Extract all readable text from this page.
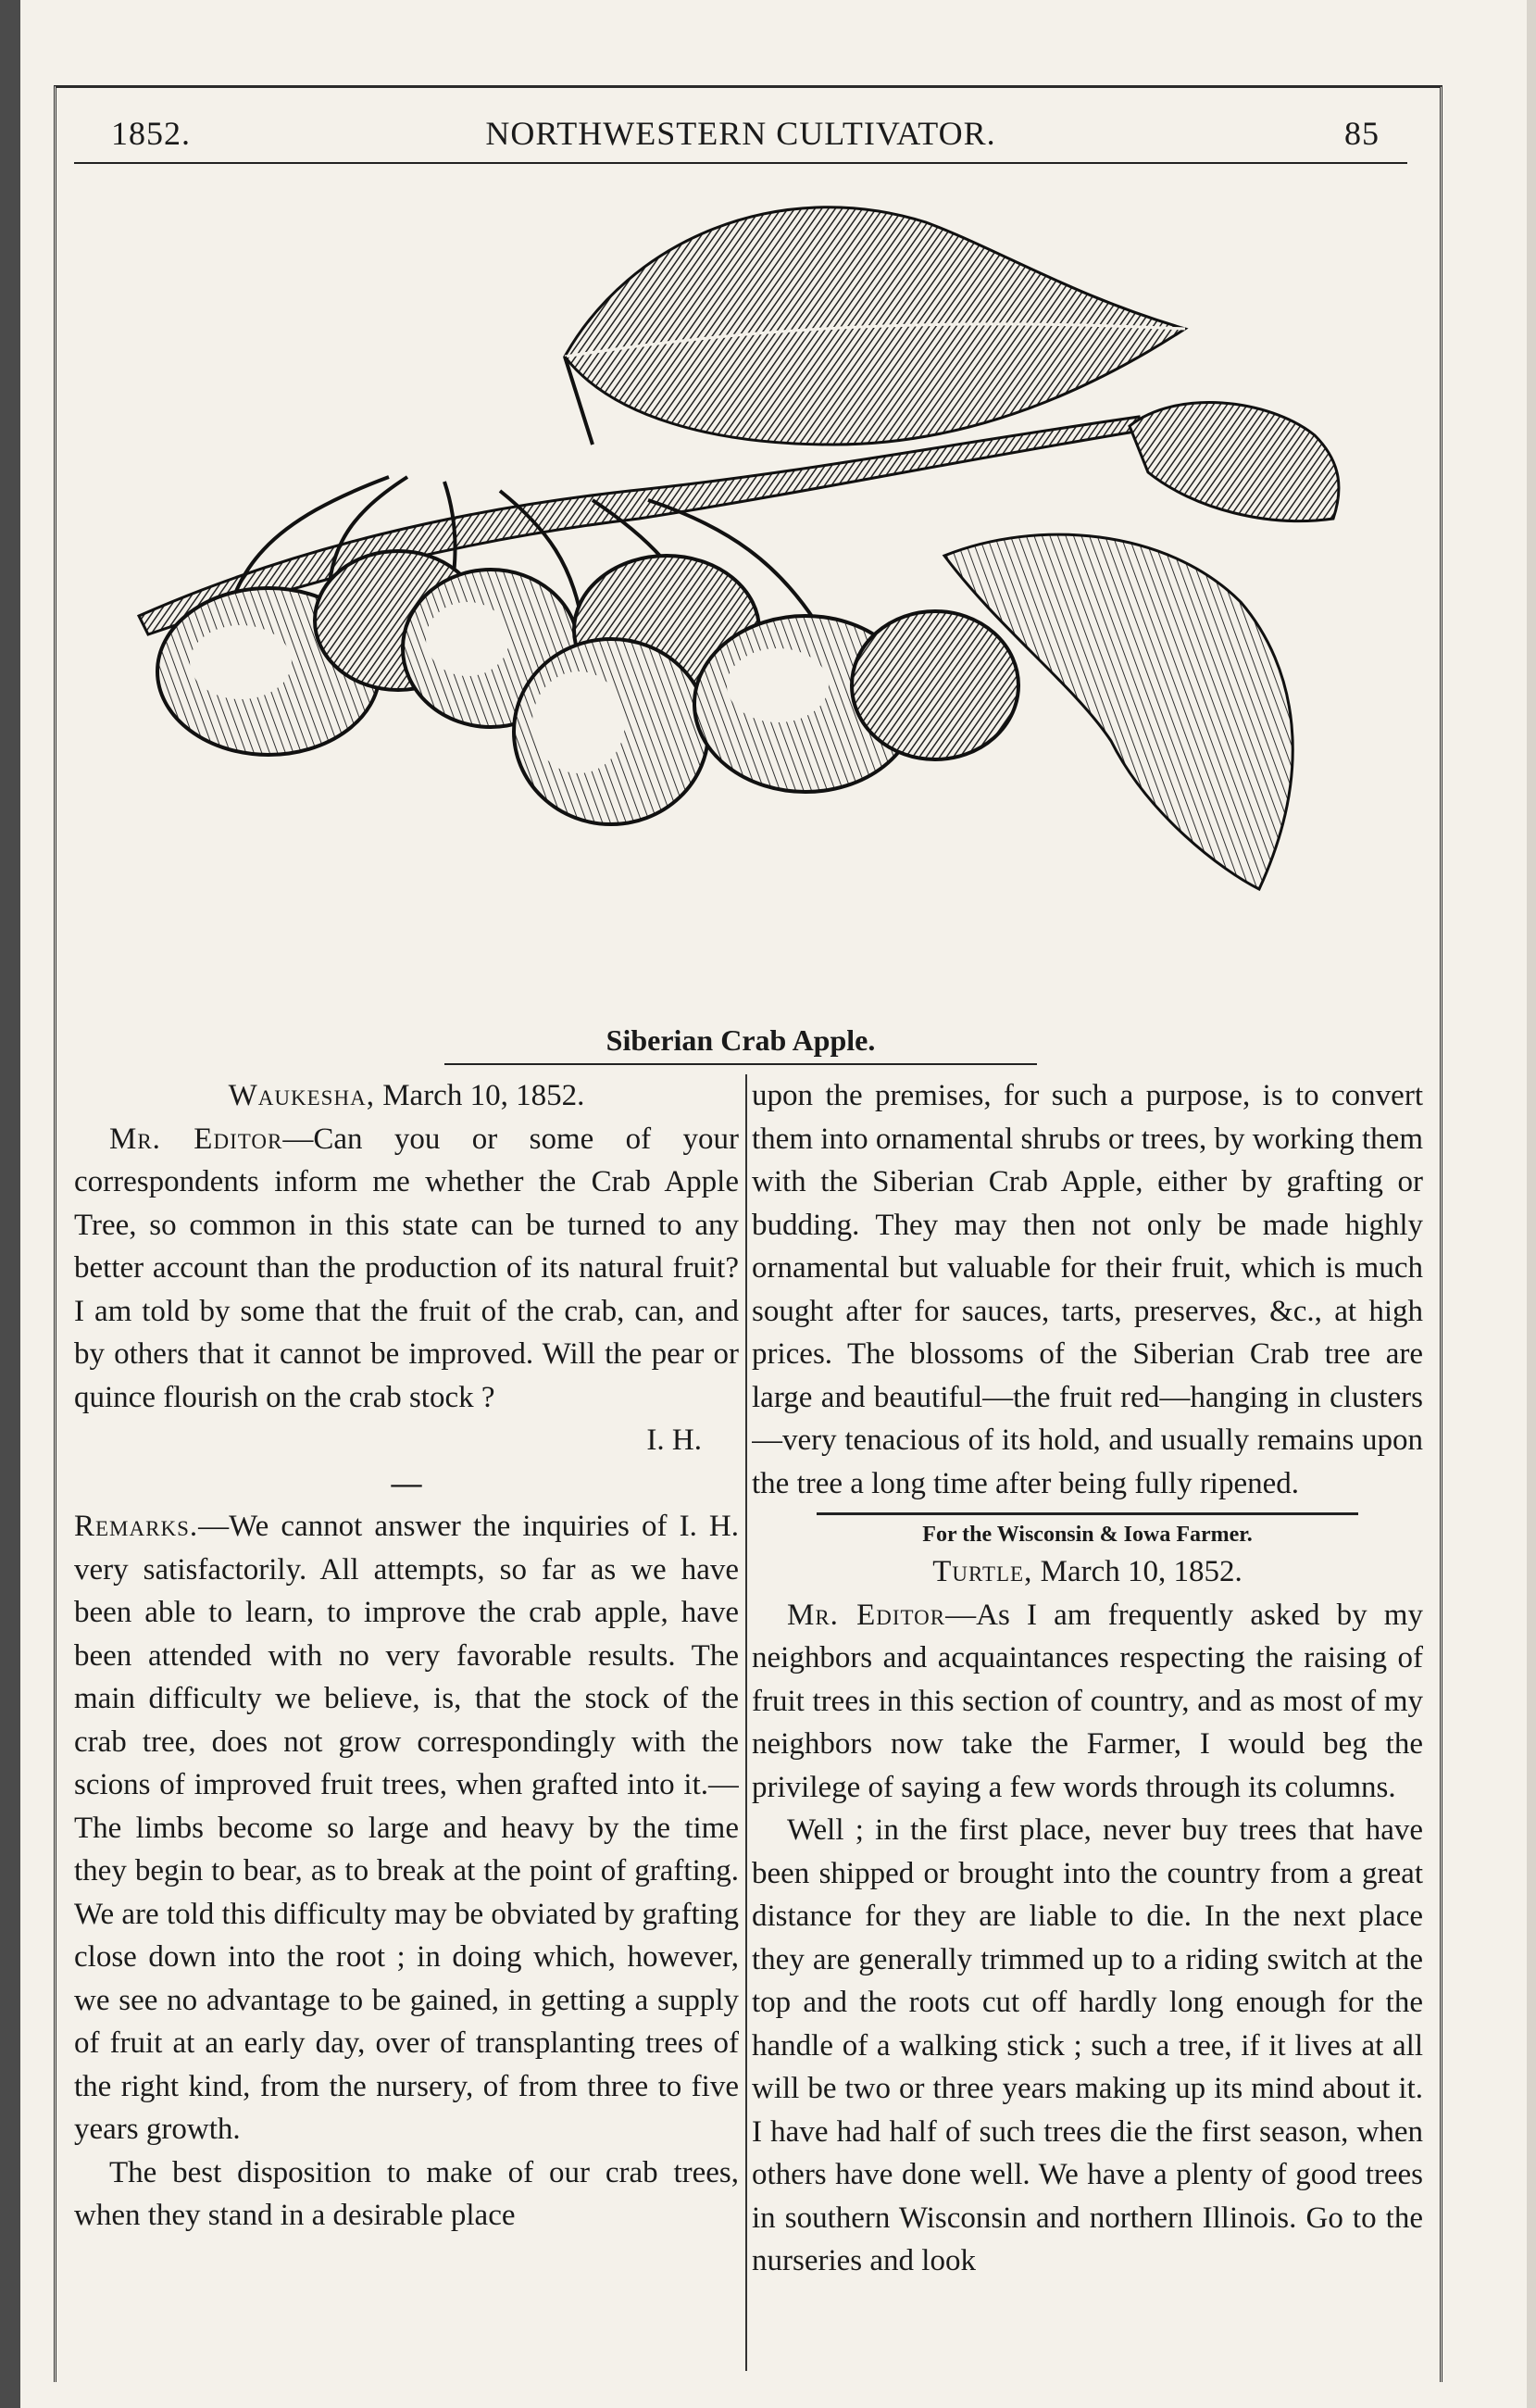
1852.	NORTHWESTERN CULTIVATOR.	85
Siberian Crab Apple.

Waukesha, March 10, 1852.

Mr. Editor—Can you or some of your correspondents inform me whether the Crab Apple Tree, so common in this state can be turned to any better account than the production of its natural fruit? I am told by some that the fruit of the crab, can, and by others that it cannot be improved. Will the pear or quince flourish on the crab stock ?

I. H.

—

Remarks.—We cannot answer the inquiries of I. H. very satisfactorily. All attempts, so far as we have been able to learn, to improve the crab apple, have been attended with no very favorable results. The main difficulty we believe, is, that the stock of the crab tree, does not grow correspondingly with the scions of improved fruit trees, when grafted into it.—The limbs become so large and heavy by the time they begin to bear, as to break at the point of grafting. We are told this difficulty may be obviated by grafting close down into the root ; in doing which, however, we see no advantage to be gained, in getting a supply of fruit at an early day, over of transplanting trees of the right kind, from the nursery, of from three to five years growth.

The best disposition to make of our crab trees, when they stand in a desirable place

upon the premises, for such a purpose, is to convert them into ornamental shrubs or trees, by working them with the Siberian Crab Apple, either by grafting or budding. They may then not only be made highly ornamental but valuable for their fruit, which is much sought after for sauces, tarts, preserves, &c., at high prices. The blossoms of the Siberian Crab tree are large and beautiful—the fruit red—hanging in clusters—very tenacious of its hold, and usually remains upon the tree a long time after being fully ripened.

For the Wisconsin & Iowa Farmer.

Turtle, March 10, 1852.

Mr. Editor—As I am frequently asked by my neighbors and acquaintances respecting the raising of fruit trees in this section of country, and as most of my neighbors now take the Farmer, I would beg the privilege of saying a few words through its columns.

Well ; in the first place, never buy trees that have been shipped or brought into the country from a great distance for they are liable to die. In the next place they are generally trimmed up to a riding switch at the top and the roots cut off hardly long enough for the handle of a walking stick ; such a tree, if it lives at all will be two or three years making up its mind about it. I have had half of such trees die the first season, when others have done well. We have a plenty of good trees in southern Wisconsin and northern Illinois. Go to the nurseries and look
